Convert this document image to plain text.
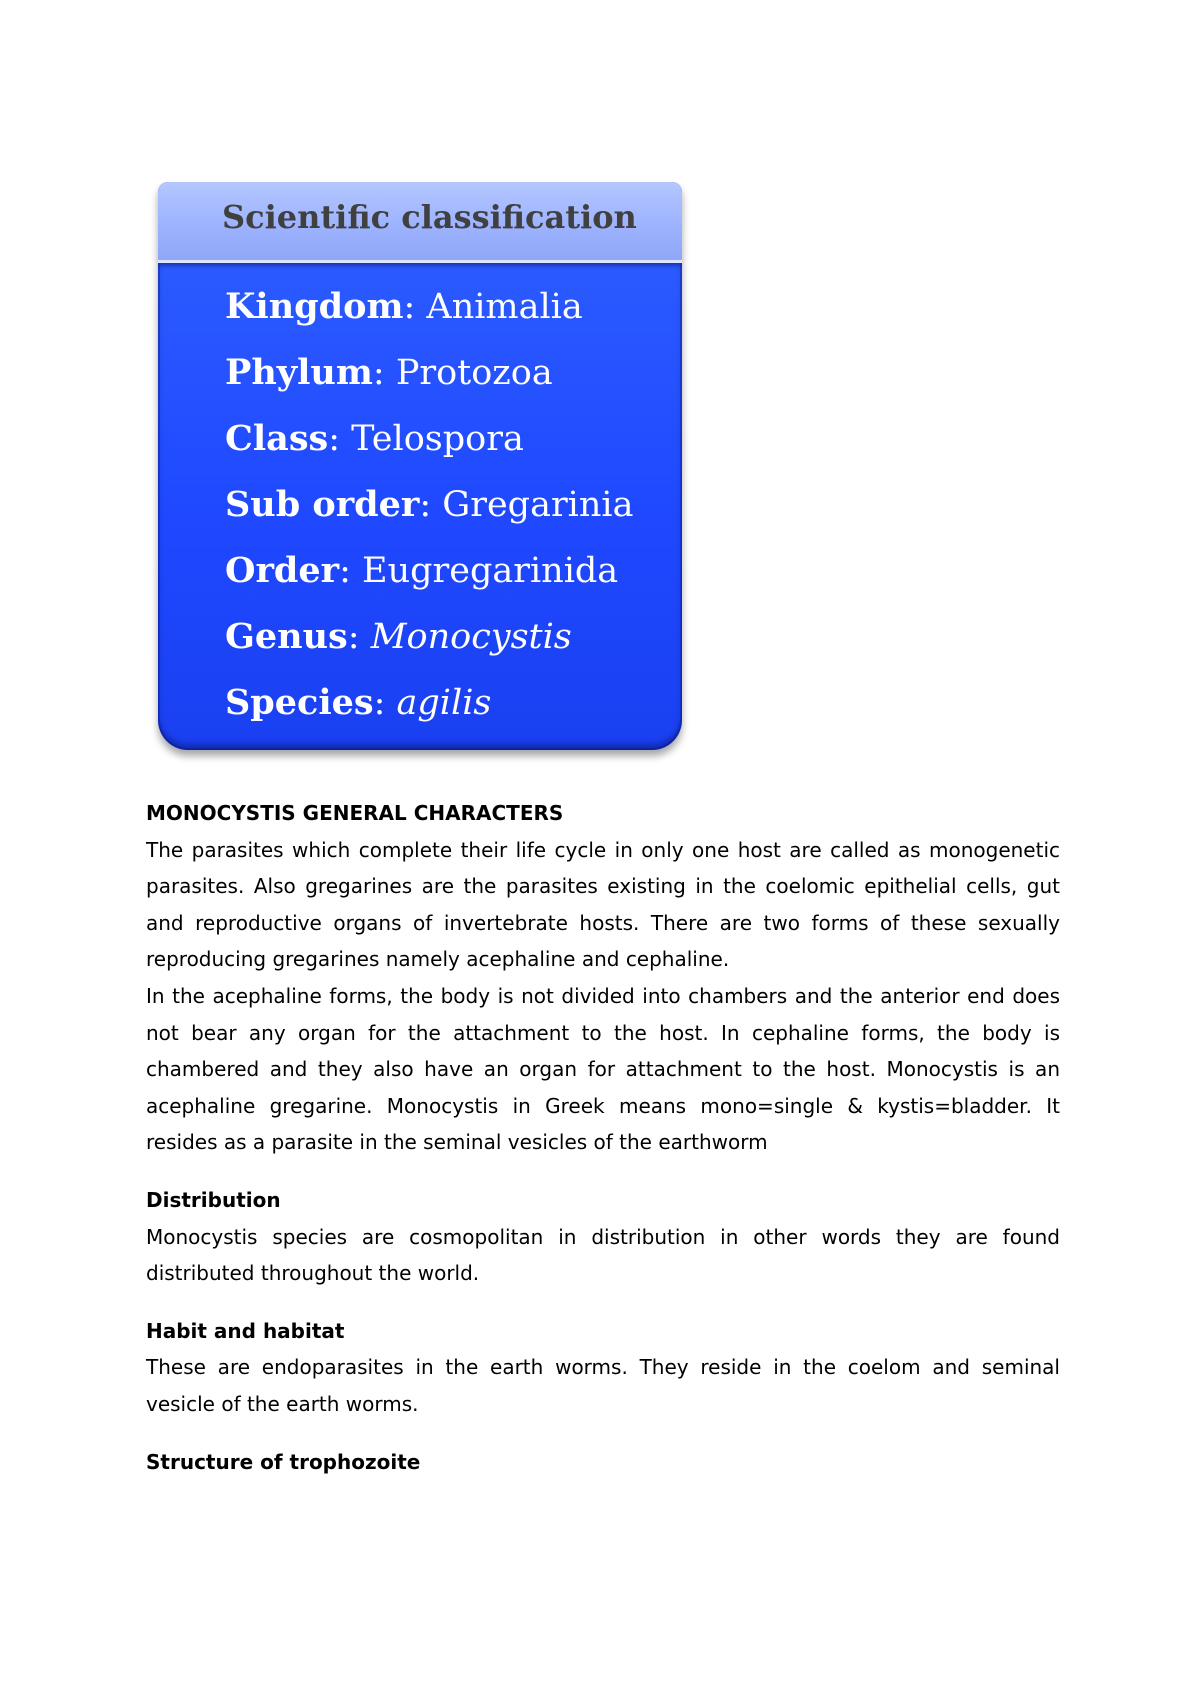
Scientific classification
Kingdom: Animalia
Phylum: Protozoa
Class: Telospora
Sub order: Gregarinia
Order: Eugregarinida
Genus: Monocystis
Species: agilis
MONOCYSTIS GENERAL CHARACTERS

The parasites which complete their life cycle in only one host are called as monogenetic parasites. Also gregarines are the parasites existing in the coelomic epithelial cells, gut and reproductive organs of invertebrate hosts. There are two forms of these sexually reproducing gregarines namely acephaline and cephaline.

In the acephaline forms, the body is not divided into chambers and the anterior end does not bear any organ for the attachment to the host. In cephaline forms, the body is chambered and they also have an organ for attachment to the host. Monocystis is an acephaline gregarine. Monocystis in Greek means mono=single & kystis=bladder. It resides as a parasite in the seminal vesicles of the earthworm

Distribution

Monocystis species are cosmopolitan in distribution in other words they are found distributed throughout the world.

Habit and habitat

These are endoparasites in the earth worms. They reside in the coelom and seminal vesicle of the earth worms.

Structure of trophozoite
